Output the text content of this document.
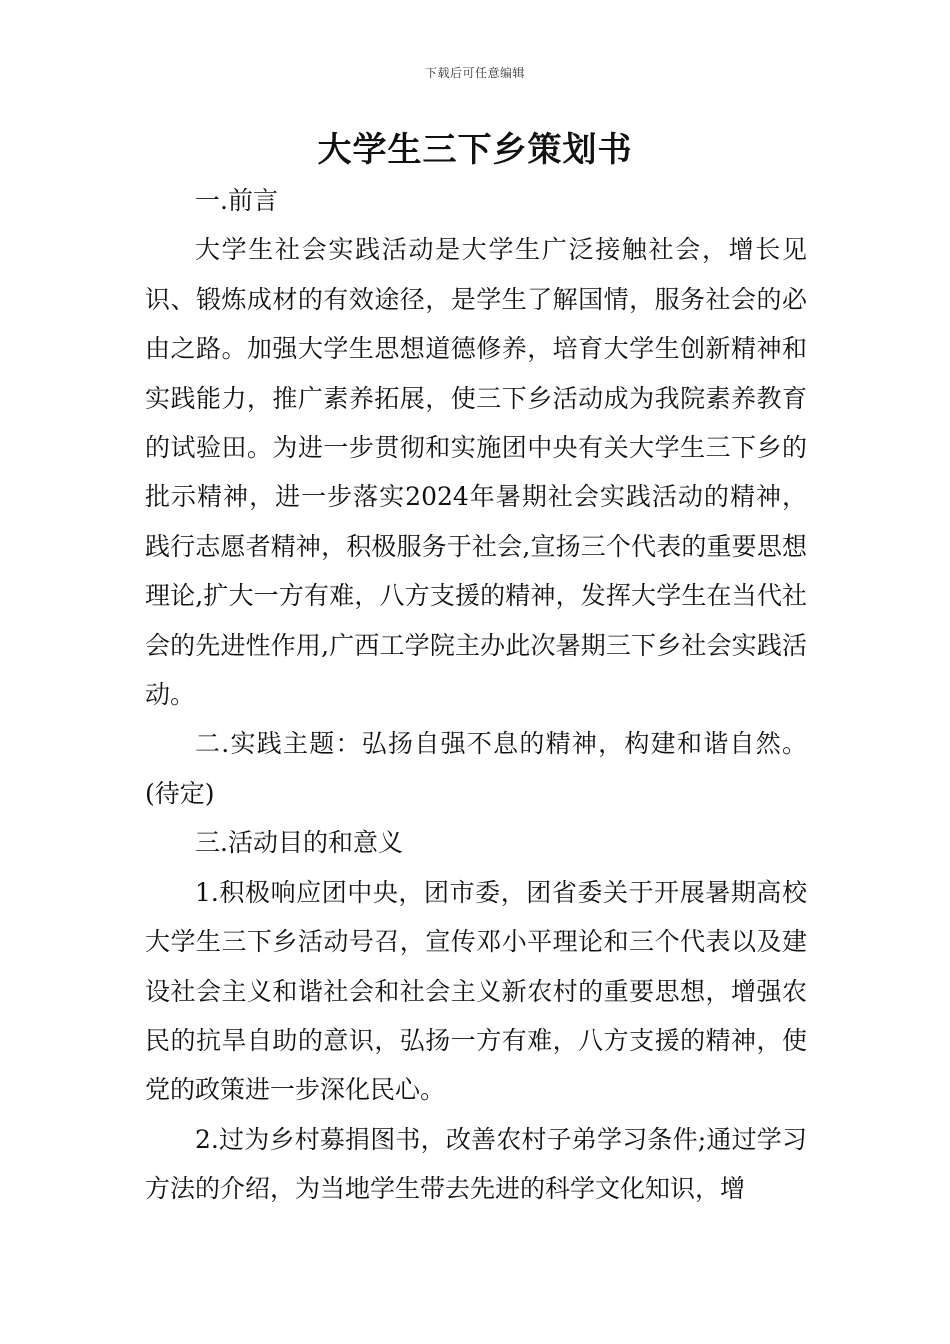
下载后可任意编辑
大学生三下乡策划书

一.前言

大学生社会实践活动是大学生广泛接触社会，增长见识、锻炼成材的有效途径，是学生了解国情，服务社会的必由之路。加强大学生思想道德修养，培育大学生创新精神和实践能力，推广素养拓展，使三下乡活动成为我院素养教育的试验田。为进一步贯彻和实施团中央有关大学生三下乡的批示精神，进一步落实2024年暑期社会实践活动的精神，践行志愿者精神，积极服务于社会,宣扬三个代表的重要思想理论,扩大一方有难，八方支援的精神，发挥大学生在当代社会的先进性作用,广西工学院主办此次暑期三下乡社会实践活动。

二.实践主题：弘扬自强不息的精神，构建和谐自然。(待定)

三.活动目的和意义

1.积极响应团中央，团市委，团省委关于开展暑期高校大学生三下乡活动号召，宣传邓小平理论和三个代表以及建设社会主义和谐社会和社会主义新农村的重要思想，增强农民的抗旱自助的意识，弘扬一方有难，八方支援的精神，使党的政策进一步深化民心。

2.过为乡村募捐图书，改善农村子弟学习条件;通过学习方法的介绍，为当地学生带去先进的科学文化知识，增
